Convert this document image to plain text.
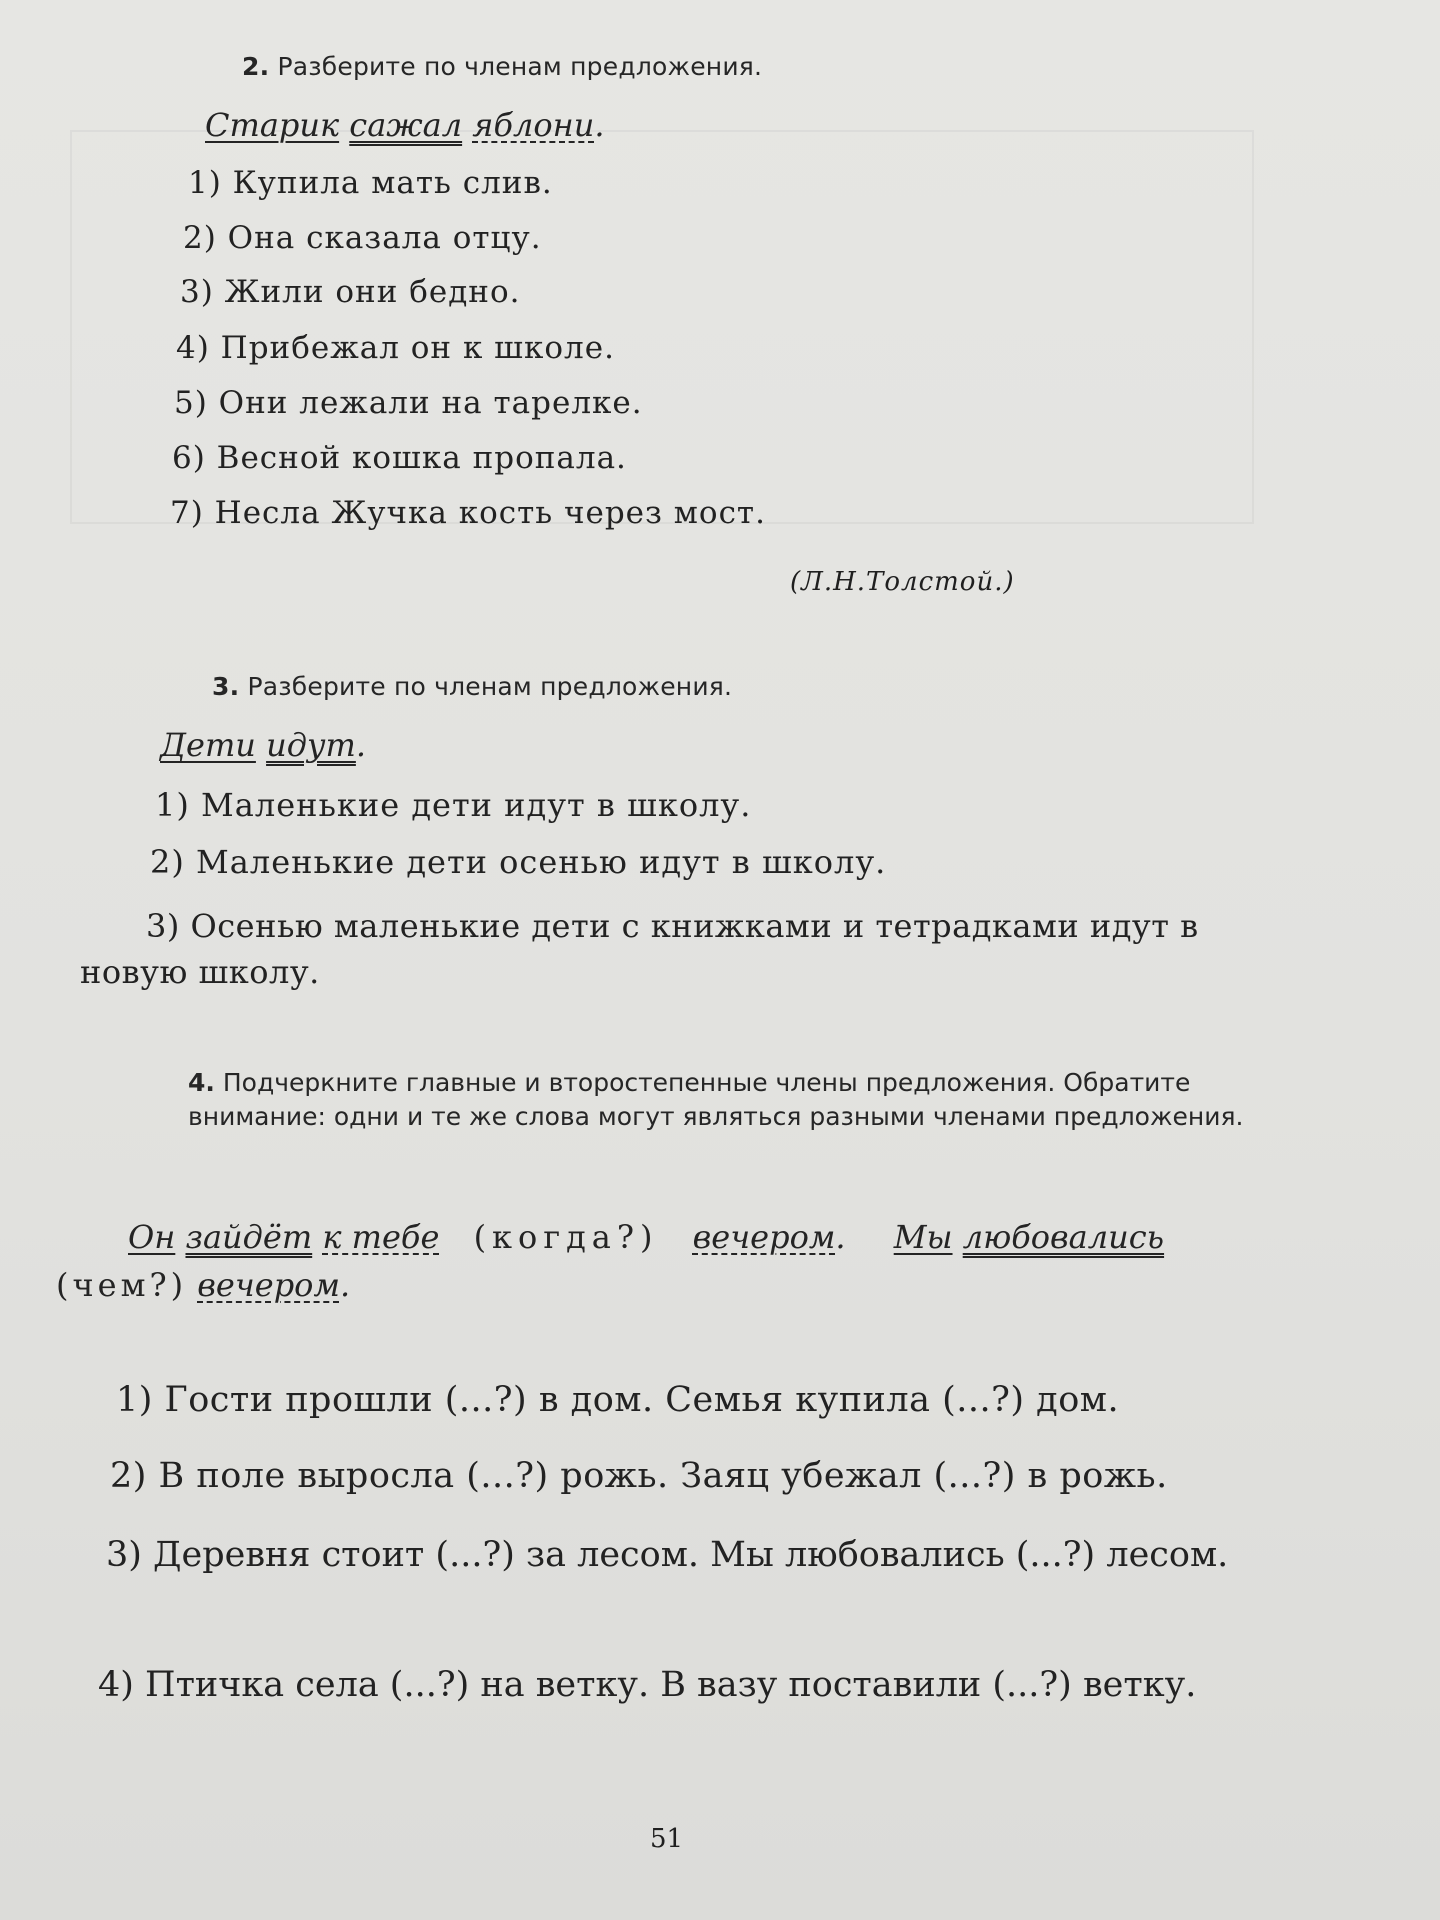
2. Разберите по членам предложения.
Старик сажал яблони.
1) Купила мать слив.
2) Она сказала отцу.
3) Жили они бедно.
4) Прибежал он к школе.
5) Они лежали на тарелке.
6) Весной кошка пропала.
7) Несла Жучка кость через мост.
(Л.Н.Толстой.)
3. Разберите по членам предложения.
Дети идут.
1) Маленькие дети идут в школу.
2) Маленькие дети осенью идут в школу.
3) Осенью маленькие дети с книжками и тетрадками идут в новую школу.
4. Подчеркните главные и второстепенные члены предложения. Обратите внимание: одни и те же слова могут являться разными членами предложения.
Он зайдёт к тебе (когда?) вечером. Мы любовались
(чем?) вечером.
1) Гости прошли (...?) в дом. Семья купила (...?) дом.
2) В поле выросла (...?) рожь. Заяц убежал (...?) в рожь.
3) Деревня стоит (...?) за лесом. Мы любовались (...?) лесом.
4) Птичка села (...?) на ветку. В вазу поставили (...?) ветку.
51
